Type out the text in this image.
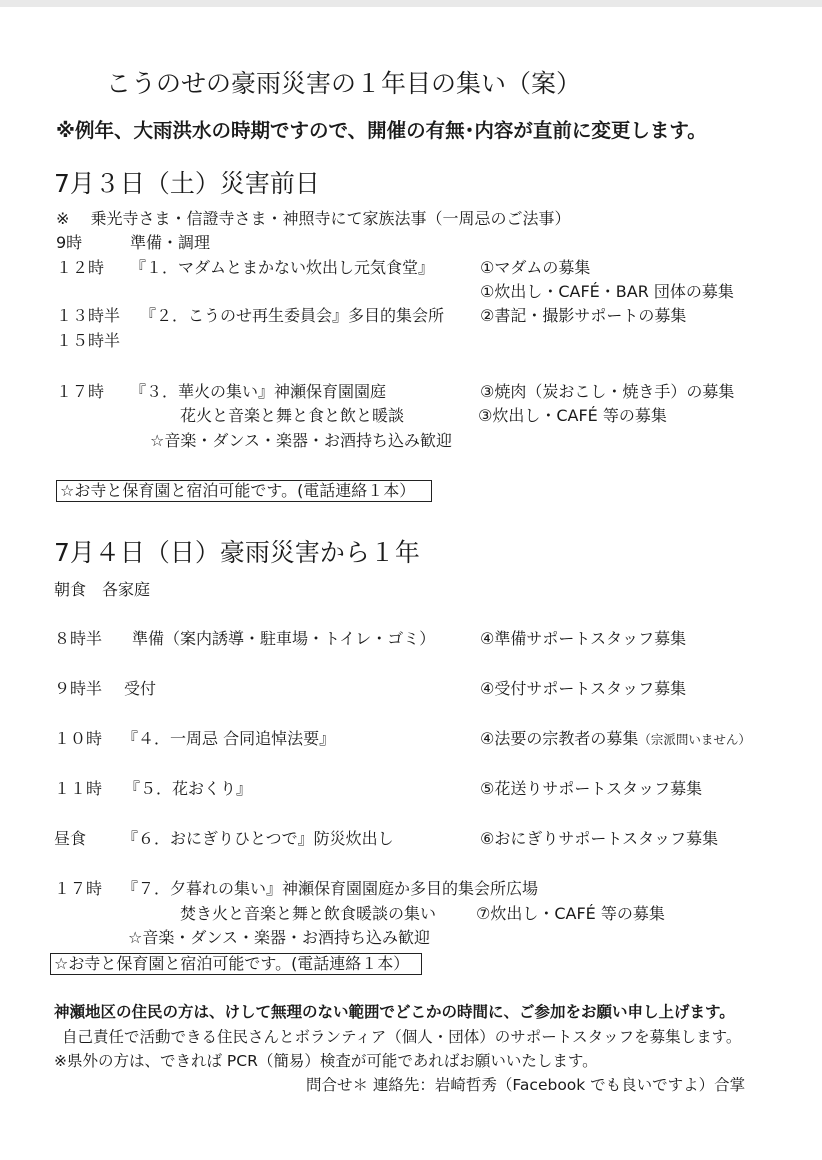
こうのせの豪雨災害の１年目の集い（案）
※例年、大雨洪水の時期ですので、開催の有無･内容が直前に変更します。
7月３日（土）災害前日
※　 乗光寺さま・信證寺さま・神照寺にて家族法事（一周忌のご法事）
9時	準備・調理
１２時 『１．マダムとまかない炊出し元気食堂』	①マダムの募集
①炊出し・CAFÉ・BAR 団体の募集
１３時半 『２．こうのせ再生委員会』多目的集会所 ②書記・撮影サポートの募集
１５時半
１７時 『３．華火の集い』神瀬保育園園庭	③焼肉（炭おこし・焼き手）の募集
花火と音楽と舞と食と飲と暖談	③炊出し・CAFÉ 等の募集
☆音楽・ダンス・楽器・お酒持ち込み歓迎
☆お寺と保育園と宿泊可能です。(電話連絡１本）
7月４日（日）豪雨災害から１年
朝食　各家庭
８時半 準備（案内誘導・駐車場・トイレ・ゴミ）	④準備サポートスタッフ募集
９時半 受付	④受付サポートスタッフ募集
１０時 『４．一周忌 合同追悼法要』	④法要の宗教者の募集（宗派問いません）
１１時 『５．花おくり』	⑤花送りサポートスタッフ募集
昼食 『６．おにぎりひとつで』防災炊出し	⑥おにぎりサポートスタッフ募集
１７時 『７．夕暮れの集い』神瀬保育園園庭か多目的集会所広場
焚き火と音楽と舞と飲食暖談の集い ⑦炊出し・CAFÉ 等の募集
☆音楽・ダンス・楽器・お酒持ち込み歓迎
☆お寺と保育園と宿泊可能です。(電話連絡１本）
神瀬地区の住民の方は、けして無理のない範囲でどこかの時間に、ご参加をお願い申し上げます。
自己責任で活動できる住民さんとボランティア（個人・団体）のサポートスタッフを募集します。
※県外の方は、できれば PCR（簡易）検査が可能であればお願いいたします。
問合せ＊ 連絡先：岩崎哲秀（Facebook でも良いですよ）合掌
